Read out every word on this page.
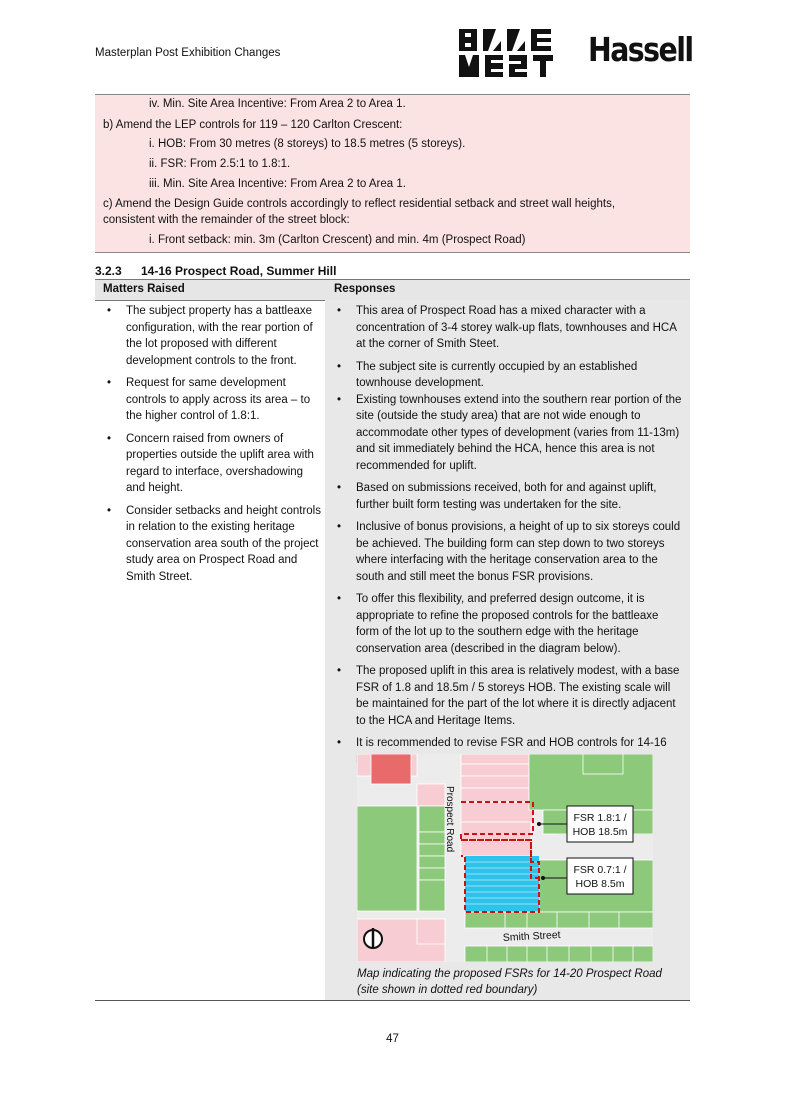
Masterplan Post Exhibition Changes	Hassell
iv. Min. Site Area Incentive: From Area 2 to Area 1.
b) Amend the LEP controls for 119 – 120 Carlton Crescent:
i. HOB: From 30 metres (8 storeys) to 18.5 metres (5 storeys).
ii. FSR: From 2.5:1 to 1.8:1.
iii. Min. Site Area Incentive: From Area 2 to Area 1.
c) Amend the Design Guide controls accordingly to reflect residential setback and street wall heights,
consistent with the remainder of the street block:
i. Front setback: min. 3m (Carlton Crescent) and min. 4m (Prospect Road)
3.2.3 14-16 Prospect Road, Summer Hill
Matters Raised	Responses
• The subject property has a battleaxe configuration, with the rear portion of the lot proposed with different development controls to the front.
• Request for same development controls to apply across its area – to the higher control of 1.8:1.
• Concern raised from owners of properties outside the uplift area with regard to interface, overshadowing and height.
• Consider setbacks and height controls in relation to the existing heritage conservation area south of the project study area on Prospect Road and Smith Street.
• This area of Prospect Road has a mixed character with a concentration of 3-4 storey walk-up flats, townhouses and HCA at the corner of Smith Steet.
• The subject site is currently occupied by an established townhouse development.
• Existing townhouses extend into the southern rear portion of the site (outside the study area) that are not wide enough to accommodate other types of development (varies from 11-13m) and sit immediately behind the HCA, hence this area is not recommended for uplift.
• Based on submissions received, both for and against uplift, further built form testing was undertaken for the site.
• Inclusive of bonus provisions, a height of up to six storeys could be achieved. The building form can step down to two storeys where interfacing with the heritage conservation area to the south and still meet the bonus FSR provisions.
• To offer this flexibility, and preferred design outcome, it is appropriate to refine the proposed controls for the battleaxe form of the lot up to the southern edge with the heritage conservation area (described in the diagram below).
• The proposed uplift in this area is relatively modest, with a base FSR of 1.8 and 18.5m / 5 storeys HOB. The existing scale will be maintained for the part of the lot where it is directly adjacent to the HCA and Heritage Items.
• It is recommended to revise FSR and HOB controls for 14-16
Prospect Road
Smith Street
FSR 1.8:1 /
HOB 18.5m
FSR 0.7:1 /
HOB 8.5m
Map indicating the proposed FSRs for 14-20 Prospect Road
(site shown in dotted red boundary)
47
